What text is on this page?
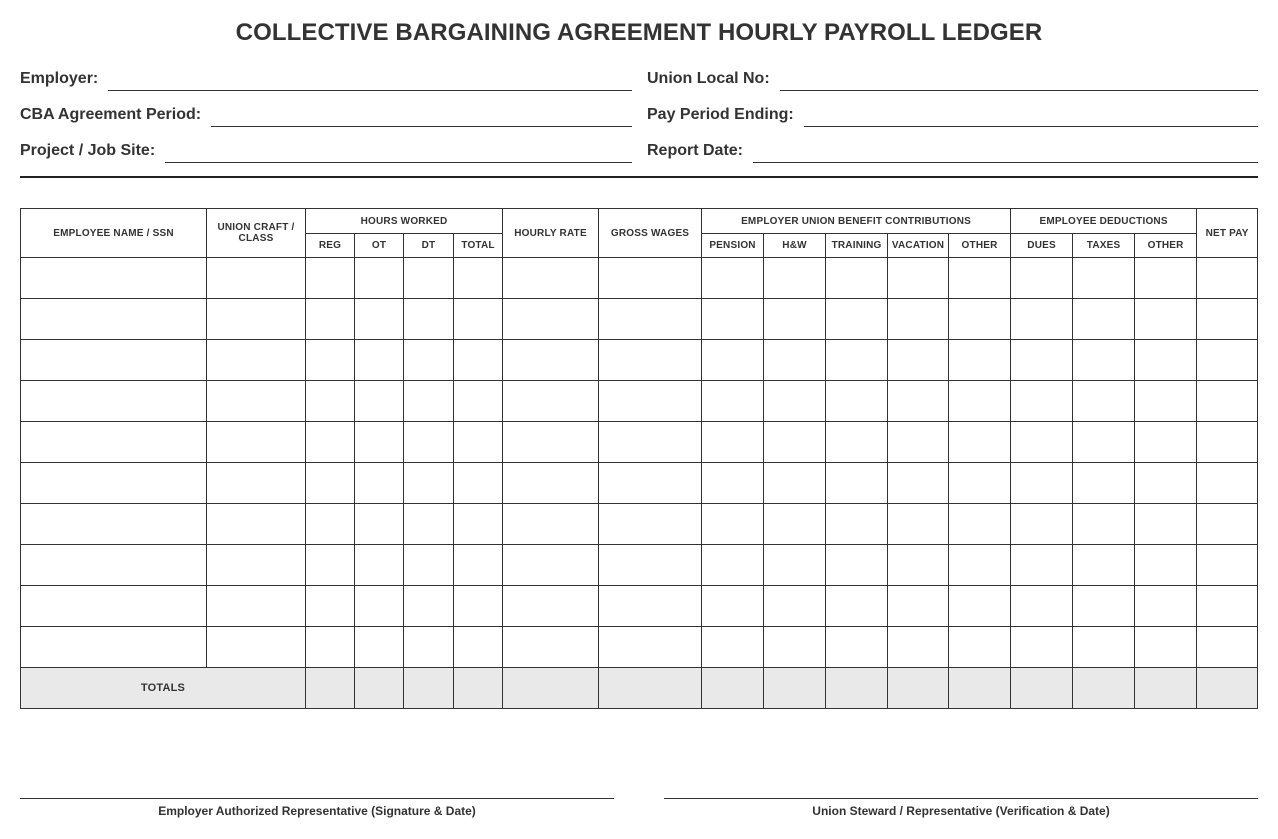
COLLECTIVE BARGAINING AGREEMENT HOURLY PAYROLL LEDGER
Employer:	Union Local No:
CBA Agreement Period:	Pay Period Ending:
Project / Job Site:	Report Date:
EMPLOYEE NAME / SSN	UNION CRAFT / CLASS	HOURS WORKED				HOURLY RATE	GROSS WAGES	EMPLOYER UNION BENEFIT CONTRIBUTIONS					EMPLOYEE DEDUCTIONS			NET PAY
		REG	OT	DT	TOTAL			PENSION	H&W	TRAINING	VACATION	OTHER	DUES	TAXES	OTHER	

TOTALS																
Employer Authorized Representative (Signature & Date)	Union Steward / Representative (Verification & Date)
